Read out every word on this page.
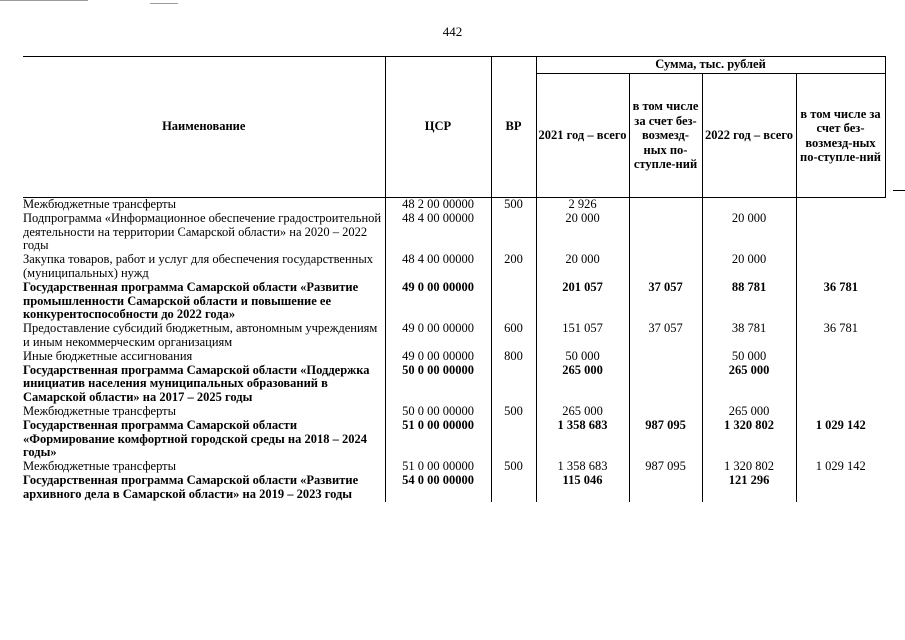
442
Наименование	ЦСР	ВР	Сумма, тыс. рублей			
			2021 год – всего	в том числе за счет без-возмезд-ных по-ступле-ний	2022 год – всего	в том числе за счет без-возмезд-ных по-ступле-ний
Межбюджетные трансферты	48 2 00 00000	500	2 926			
Подпрограмма «Информационное обеспечение градостроительной деятельности на территории Самарской области» на 2020 – 2022 годы	48 4 00 00000		20 000		20 000	
Закупка товаров, работ и услуг для обеспечения государственных (муниципальных) нужд	48 4 00 00000	200	20 000		20 000	
Государственная программа Самарской области «Развитие промышленности Самарской области и повышение ее конкурентоспособности до 2022 года»	49 0 00 00000		201 057	37 057	88 781	36 781
Предоставление субсидий бюджетным, автономным учреждениям и иным некоммерческим организациям	49 0 00 00000	600	151 057	37 057	38 781	36 781
Иные бюджетные ассигнования	49 0 00 00000	800	50 000		50 000	
Государственная программа Самарской области «Поддержка инициатив населения муниципальных образований в Самарской области» на 2017 – 2025 годы	50 0 00 00000		265 000		265 000	
Межбюджетные трансферты	50 0 00 00000	500	265 000		265 000	
Государственная программа Самарской области «Формирование комфортной городской среды на 2018 – 2024 годы»	51 0 00 00000		1 358 683	987 095	1 320 802	1 029 142
Межбюджетные трансферты	51 0 00 00000	500	1 358 683	987 095	1 320 802	1 029 142
Государственная программа Самарской области «Развитие архивного дела в Самарской области» на 2019 – 2023 годы	54 0 00 00000		115 046		121 296	
